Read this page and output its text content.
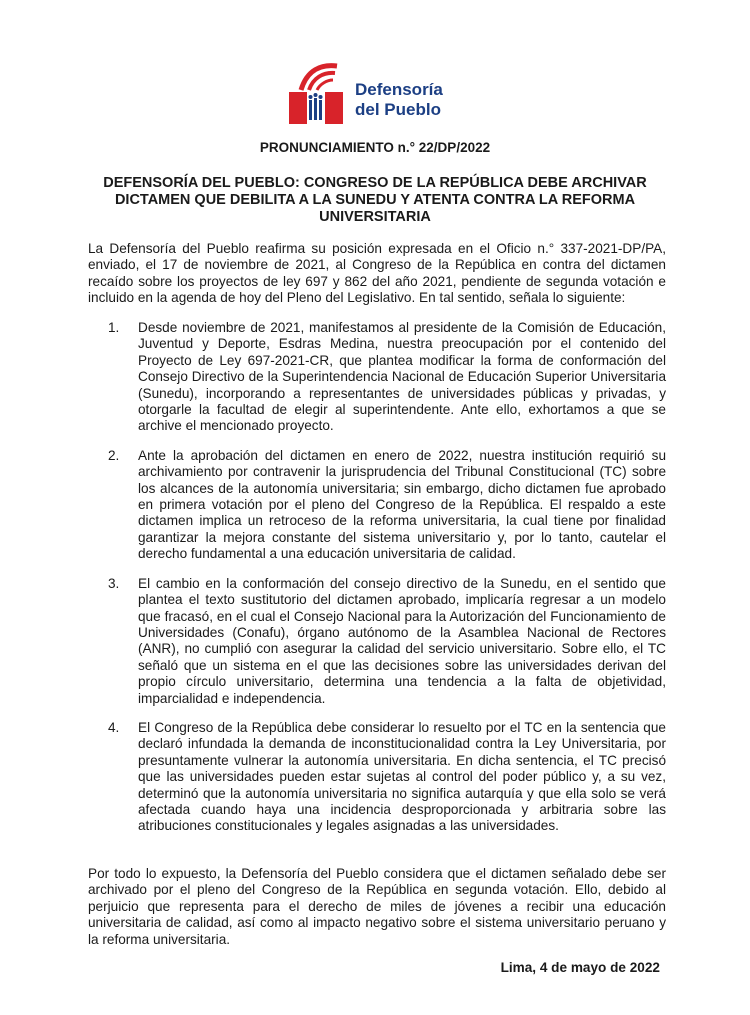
Defensoría
del Pueblo
PRONUNCIAMIENTO n.° 22/DP/2022
DEFENSORÍA DEL PUEBLO: CONGRESO DE LA REPÚBLICA DEBE ARCHIVAR DICTAMEN QUE DEBILITA A LA SUNEDU Y ATENTA CONTRA LA REFORMA UNIVERSITARIA

La Defensoría del Pueblo reafirma su posición expresada en el Oficio n.° 337-2021-DP/PA, enviado, el 17 de noviembre de 2021, al Congreso de la República en contra del dictamen recaído sobre los proyectos de ley 697 y 862 del año 2021, pendiente de segunda votación e incluido en la agenda de hoy del Pleno del Legislativo. En tal sentido, señala lo siguiente:

1. Desde noviembre de 2021, manifestamos al presidente de la Comisión de Educación, Juventud y Deporte, Esdras Medina, nuestra preocupación por el contenido del Proyecto de Ley 697-2021-CR, que plantea modificar la forma de conformación del Consejo Directivo de la Superintendencia Nacional de Educación Superior Universitaria (Sunedu), incorporando a representantes de universidades públicas y privadas, y otorgarle la facultad de elegir al superintendente. Ante ello, exhortamos a que se archive el mencionado proyecto.
2. Ante la aprobación del dictamen en enero de 2022, nuestra institución requirió su archivamiento por contravenir la jurisprudencia del Tribunal Constitucional (TC) sobre los alcances de la autonomía universitaria; sin embargo, dicho dictamen fue aprobado en primera votación por el pleno del Congreso de la República. El respaldo a este dictamen implica un retroceso de la reforma universitaria, la cual tiene por finalidad garantizar la mejora constante del sistema universitario y, por lo tanto, cautelar el derecho fundamental a una educación universitaria de calidad.
3. El cambio en la conformación del consejo directivo de la Sunedu, en el sentido que plantea el texto sustitutorio del dictamen aprobado, implicaría regresar a un modelo que fracasó, en el cual el Consejo Nacional para la Autorización del Funcionamiento de Universidades (Conafu), órgano autónomo de la Asamblea Nacional de Rectores (ANR), no cumplió con asegurar la calidad del servicio universitario. Sobre ello, el TC señaló que un sistema en el que las decisiones sobre las universidades derivan del propio círculo universitario, determina una tendencia a la falta de objetividad, imparcialidad e independencia.
4. El Congreso de la República debe considerar lo resuelto por el TC en la sentencia que declaró infundada la demanda de inconstitucionalidad contra la Ley Universitaria, por presuntamente vulnerar la autonomía universitaria. En dicha sentencia, el TC precisó que las universidades pueden estar sujetas al control del poder público y, a su vez, determinó que la autonomía universitaria no significa autarquía y que ella solo se verá afectada cuando haya una incidencia desproporcionada y arbitraria sobre las atribuciones constitucionales y legales asignadas a las universidades.

Por todo lo expuesto, la Defensoría del Pueblo considera que el dictamen señalado debe ser archivado por el pleno del Congreso de la República en segunda votación. Ello, debido al perjuicio que representa para el derecho de miles de jóvenes a recibir una educación universitaria de calidad, así como al impacto negativo sobre el sistema universitario peruano y la reforma universitaria.

Lima, 4 de mayo de 2022
